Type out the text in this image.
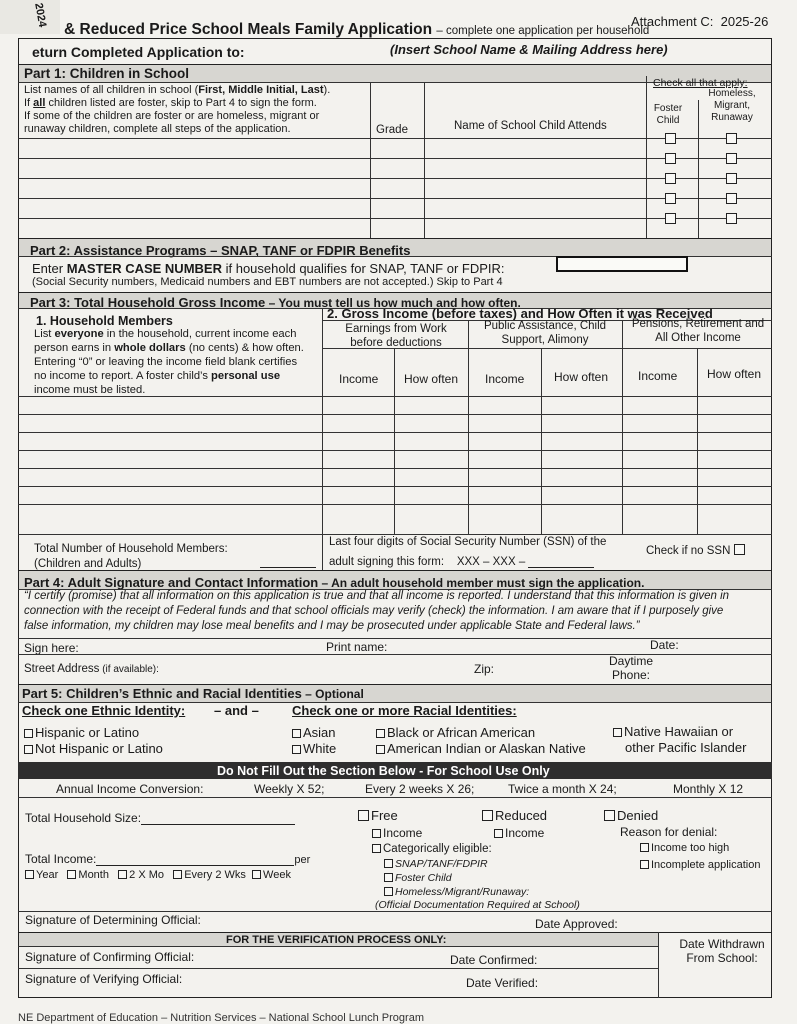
2024
& Reduced Price School Meals Family Application – complete one application per household
Attachment C: 2025-26
eturn Completed Application to:	(Insert School Name & Mailing Address here)
Part 1: Children in School
List names of all children in school (First, Middle Initial, Last).
If all children listed are foster, skip to Part 4 to sign the form.
If some of the children are foster or are homeless, migrant or
runaway children, complete all steps of the application.	Grade	Name of School Child Attends
Check all that apply:
Foster
Child
Homeless,
Migrant,
Runaway
Part 2: Assistance Programs – SNAP, TANF or FDPIR Benefits
Enter MASTER CASE NUMBER if household qualifies for SNAP, TANF or FDPIR:
(Social Security numbers, Medicaid numbers and EBT numbers are not accepted.) Skip to Part 4
Part 3: Total Household Gross Income – You must tell us how much and how often.
1. Household Members
List everyone in the household, current income each
person earns in whole dollars (no cents) & how often.
Entering “0” or leaving the income field blank certifies
no income to report. A foster child’s personal use
income must be listed.
2. Gross Income (before taxes) and How Often it was Received
Earnings from Work
before deductions
Public Assistance, Child
Support, Alimony
Pensions, Retirement and
All Other Income
Income How often Income How often Income How often
Total Number of Household Members:
(Children and Adults)
Last four digits of Social Security Number (SSN) of the
adult signing this form: XXX – XXX –
Check if no SSN
Part 4: Adult Signature and Contact Information – An adult household member must sign the application.
“I certify (promise) that all information on this application is true and that all income is reported. I understand that this information is given in
connection with the receipt of Federal funds and that school officials may verify (check) the information. I am aware that if I purposely give
false information, my children may lose meal benefits and I may be prosecuted under applicable State and Federal laws.”
Sign here:	Print name:	Date:
Street Address (if available):	Zip:
Daytime
Phone:
Part 5: Children’s Ethnic and Racial Identities – Optional
Check one Ethnic Identity: – and –	Check one or more Racial Identities:
Hispanic or Latino
Not Hispanic or Latino
Asian
White
Black or African American
American Indian or Alaskan Native
Native Hawaiian or
other Pacific Islander
Do Not Fill Out the Section Below - For School Use Only
Annual Income Conversion:	Weekly X 52;	Every 2 weeks X 26;	Twice a month X 24;	Monthly X 12
Total Household Size:	Free
Income
Reduced
Income
Denied
Reason for denial:
Income too high
Incomplete application
Categorically eligible:
SNAP/TANF/FDPIR
Foster Child
Homeless/Migrant/Runaway:
(Official Documentation Required at School)
Total Income:	per
Year Month 2 X Mo Every 2 Wks Week
Signature of Determining Official:	Date Approved:
FOR THE VERIFICATION PROCESS ONLY:	Date Withdrawn
From School:
Signature of Confirming Official:	Date Confirmed:
Signature of Verifying Official:	Date Verified:
NE Department of Education – Nutrition Services – National School Lunch Program
